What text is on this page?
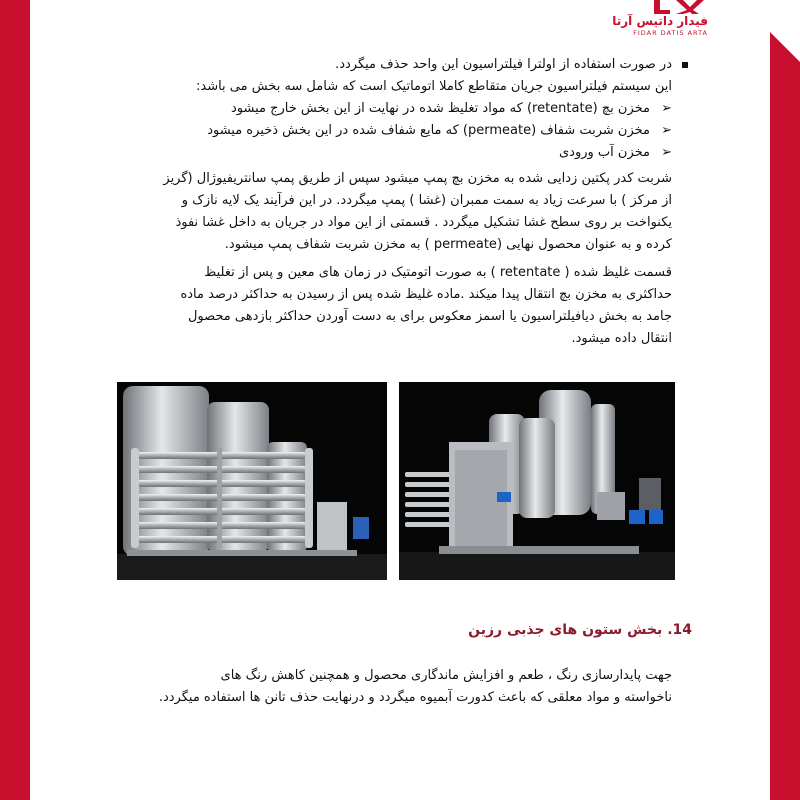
فیدار داتیس آرتا
FIDAR DATIS ARTA
در صورت استفاده از اولترا فیلتراسیون این واحد حذف میگردد.
این سیستم فیلتراسیون جریان متقاطع کاملا اتوماتیک است که شامل سه بخش می باشد:
➢
مخزن بچ (retentate) که مواد تغلیظ شده در نهایت از این بخش خارج میشود
➢
مخزن شربت شفاف (permeate) که مایع شفاف شده در این بخش ذخیره میشود
➢
مخزن آب ورودی
شربت کدر پکتین زدایی شده به مخزن بچ پمپ میشود سپس از طریق پمپ سانتریفیوژال (گریز
از مرکز ) با سرعت زیاد به سمت ممبران (غشا ) پمپ میگردد. در این فرآیند یک لایه نازک و
یکنواخت بر روی سطح غشا تشکیل میگردد . قسمتی از این مواد در جریان به داخل غشا نفوذ
کرده و به عنوان محصول نهایی (permeate ) به مخزن شربت شفاف پمپ میشود.
قسمت غلیظ شده ( retentate ) به صورت اتومتیک در زمان های معین و پس از تغلیظ
حداکثری به مخزن بچ انتقال پیدا میکند .ماده غلیظ شده پس از رسیدن به حداکثر درصد ماده
جامد به بخش دیافیلتراسیون یا اسمز معکوس برای به دست آوردن حداکثر بازدهی محصول
انتقال داده میشود.
14. بخش ستون های جذبی رزین
جهت پایدارسازی رنگ ، طعم و افزایش ماندگاری محصول و همچنین کاهش رنگ های
ناخواسته و مواد معلقی که باعث کدورت آبمیوه میگردد و درنهایت حذف تانن ها استفاده میگردد.
